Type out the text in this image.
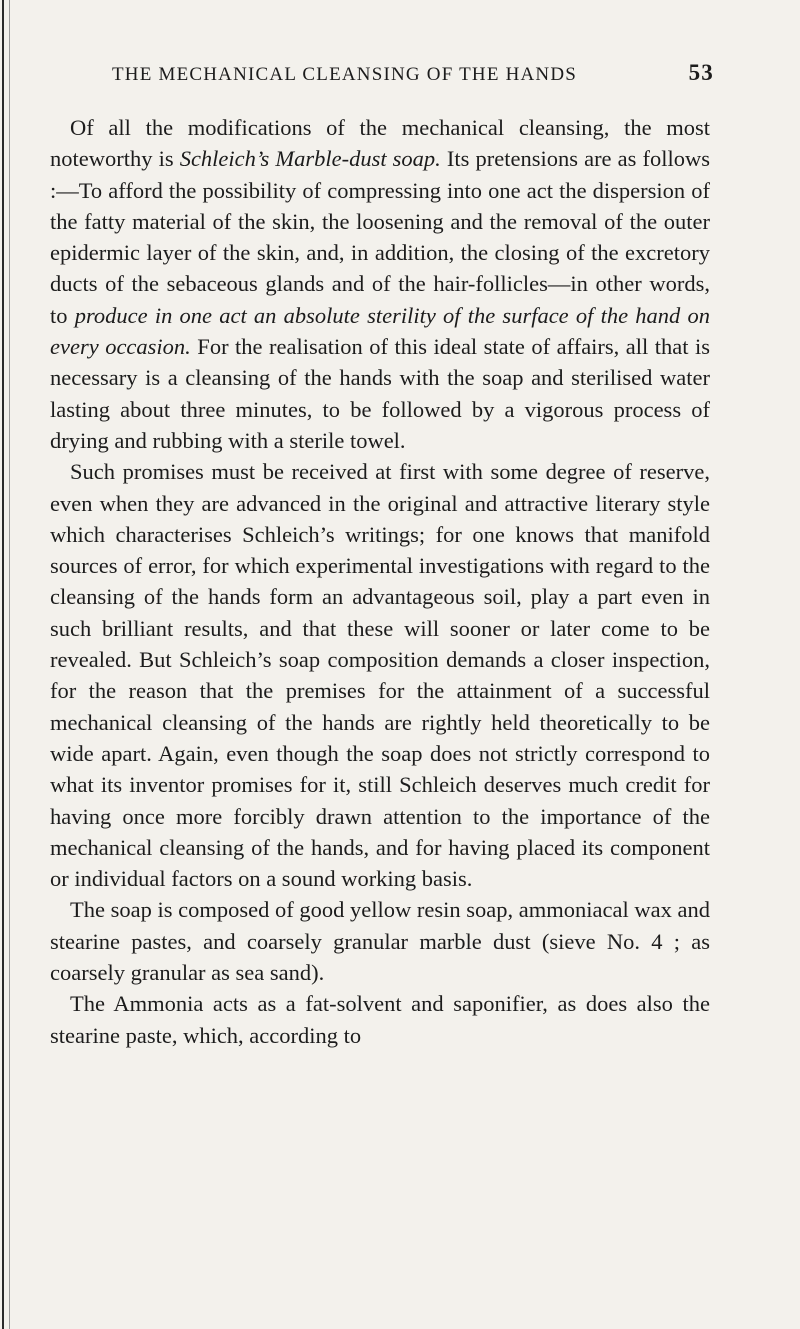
THE MECHANICAL CLEANSING OF THE HANDS	53

Of all the modifications of the mechanical cleansing, the most noteworthy is Schleich’s Marble-dust soap. Its pretensions are as follows :—To afford the possibility of compressing into one act the dispersion of the fatty material of the skin, the loosening and the removal of the outer epidermic layer of the skin, and, in addition, the closing of the excretory ducts of the sebaceous glands and of the hair-follicles—in other words, to produce in one act an absolute sterility of the surface of the hand on every occasion. For the realisation of this ideal state of affairs, all that is necessary is a cleansing of the hands with the soap and sterilised water lasting about three minutes, to be followed by a vigorous process of drying and rubbing with a sterile towel.

Such promises must be received at first with some degree of reserve, even when they are advanced in the original and attractive literary style which characterises Schleich’s writings; for one knows that manifold sources of error, for which experimental investigations with regard to the cleansing of the hands form an advantageous soil, play a part even in such brilliant results, and that these will sooner or later come to be revealed. But Schleich’s soap composition demands a closer inspection, for the reason that the premises for the attainment of a successful mechanical cleansing of the hands are rightly held theoretically to be wide apart. Again, even though the soap does not strictly correspond to what its inventor promises for it, still Schleich deserves much credit for having once more forcibly drawn attention to the importance of the mechanical cleansing of the hands, and for having placed its component or individual factors on a sound working basis.

The soap is composed of good yellow resin soap, ammoniacal wax and stearine pastes, and coarsely granular marble dust (sieve No. 4 ; as coarsely granular as sea sand).

The Ammonia acts as a fat-solvent and saponifier, as does also the stearine paste, which, according to
